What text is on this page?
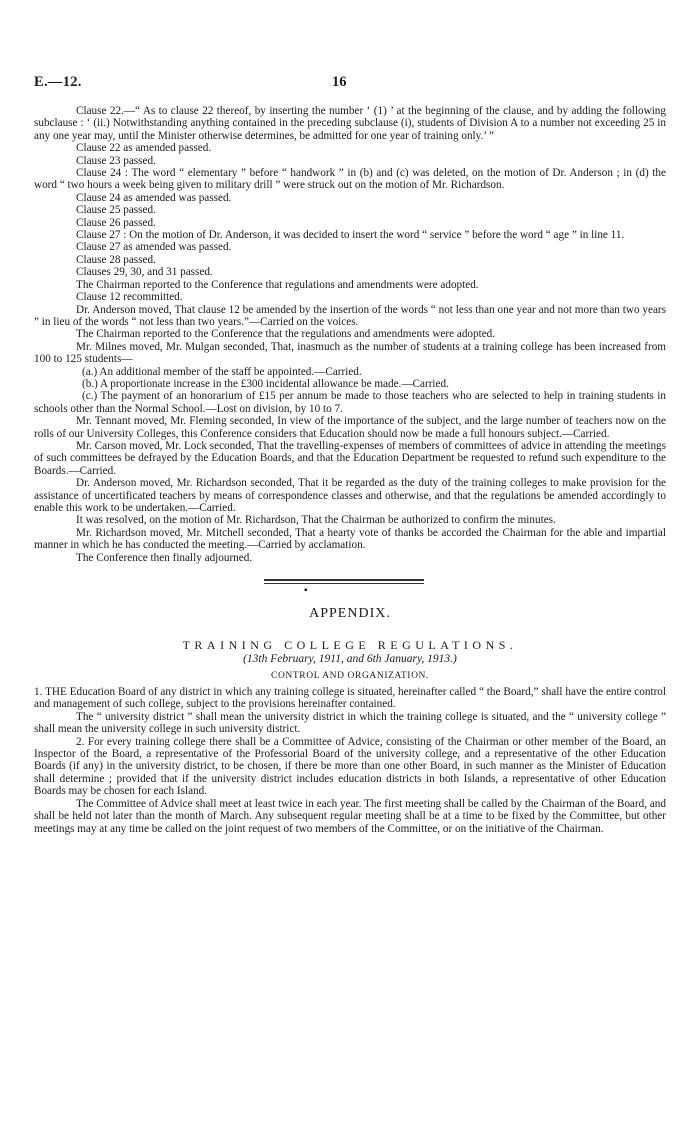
E.—12.	16

Clause 22.—“ As to clause 22 thereof, by inserting the number ‘ (1) ’ at the beginning of the clause, and by adding the following subclause : ‘ (ii.) Notwithstanding anything contained in the preceding subclause (i), students of Division A to a number not exceeding 25 in any one year may, until the Minister otherwise determines, be admitted for one year of training only.’ ”

Clause 22 as amended passed.

Clause 23 passed.

Clause 24 : The word “ elementary ” before “ handwork ” in (b) and (c) was deleted, on the motion of Dr. Anderson ; in (d) the word “ two hours a week being given to military drill ” were struck out on the motion of Mr. Richardson.

Clause 24 as amended was passed.

Clause 25 passed.

Clause 26 passed.

Clause 27 : On the motion of Dr. Anderson, it was decided to insert the word “ service ” before the word “ age ” in line 11.

Clause 27 as amended was passed.

Clause 28 passed.

Clauses 29, 30, and 31 passed.

The Chairman reported to the Conference that regulations and amendments were adopted.

Clause 12 recommitted.

Dr. Anderson moved, That clause 12 be amended by the insertion of the words “ not less than one year and not more than two years ” in lieu of the words “ not less than two years.”—Carried on the voices.

The Chairman reported to the Conference that the regulations and amendments were adopted.

Mr. Milnes moved, Mr. Mulgan seconded, That, inasmuch as the number of students at a training college has been increased from 100 to 125 students—

(a.) An additional member of the staff be appointed.—Carried.

(b.) A proportionate increase in the £300 incidental allowance be made.—Carried.

(c.) The payment of an honorarium of £15 per annum be made to those teachers who are selected to help in training students in schools other than the Normal School.—Lost on division, by 10 to 7.

Mr. Tennant moved, Mr. Fleming seconded, In view of the importance of the subject, and the large number of teachers now on the rolls of our University Colleges, this Conference considers that Education should now be made a full honours subject.—Carried.

Mr. Carson moved, Mr. Lock seconded, That the travelling-expenses of members of committees of advice in attending the meetings of such committees be defrayed by the Education Boards, and that the Education Department be requested to refund such expenditure to the Boards.—Carried.

Dr. Anderson moved, Mr. Richardson seconded, That it be regarded as the duty of the training colleges to make provision for the assistance of uncertificated teachers by means of correspondence classes and otherwise, and that the regulations be amended accordingly to enable this work to be undertaken.—Carried.

It was resolved, on the motion of Mr. Richardson, That the Chairman be authorized to confirm the minutes.

Mr. Richardson moved, Mr. Mitchell seconded, That a hearty vote of thanks be accorded the Chairman for the able and impartial manner in which he has conducted the meeting.—Carried by acclamation.

The Conference then finally adjourned.

▪
APPENDIX.
TRAINING COLLEGE REGULATIONS.
(13th February, 1911, and 6th January, 1913.)
CONTROL AND ORGANIZATION.

1. THE Education Board of any district in which any training college is situated, hereinafter called “ the Board,” shall have the entire control and management of such college, subject to the provisions hereinafter contained.

The “ university district ” shall mean the university district in which the training college is situated, and the “ university college ” shall mean the university college in such university district.

2. For every training college there shall be a Committee of Advice, consisting of the Chairman or other member of the Board, an Inspector of the Board, a representative of the Professorial Board of the university college, and a representative of the other Education Boards (if any) in the university district, to be chosen, if there be more than one other Board, in such manner as the Minister of Education shall determine ; provided that if the university district includes education districts in both Islands, a representative of other Education Boards may be chosen for each Island.

The Committee of Advice shall meet at least twice in each year. The first meeting shall be called by the Chairman of the Board, and shall be held not later than the month of March. Any subsequent regular meeting shall be at a time to be fixed by the Committee, but other meetings may at any time be called on the joint request of two members of the Committee, or on the initiative of the Chairman.
